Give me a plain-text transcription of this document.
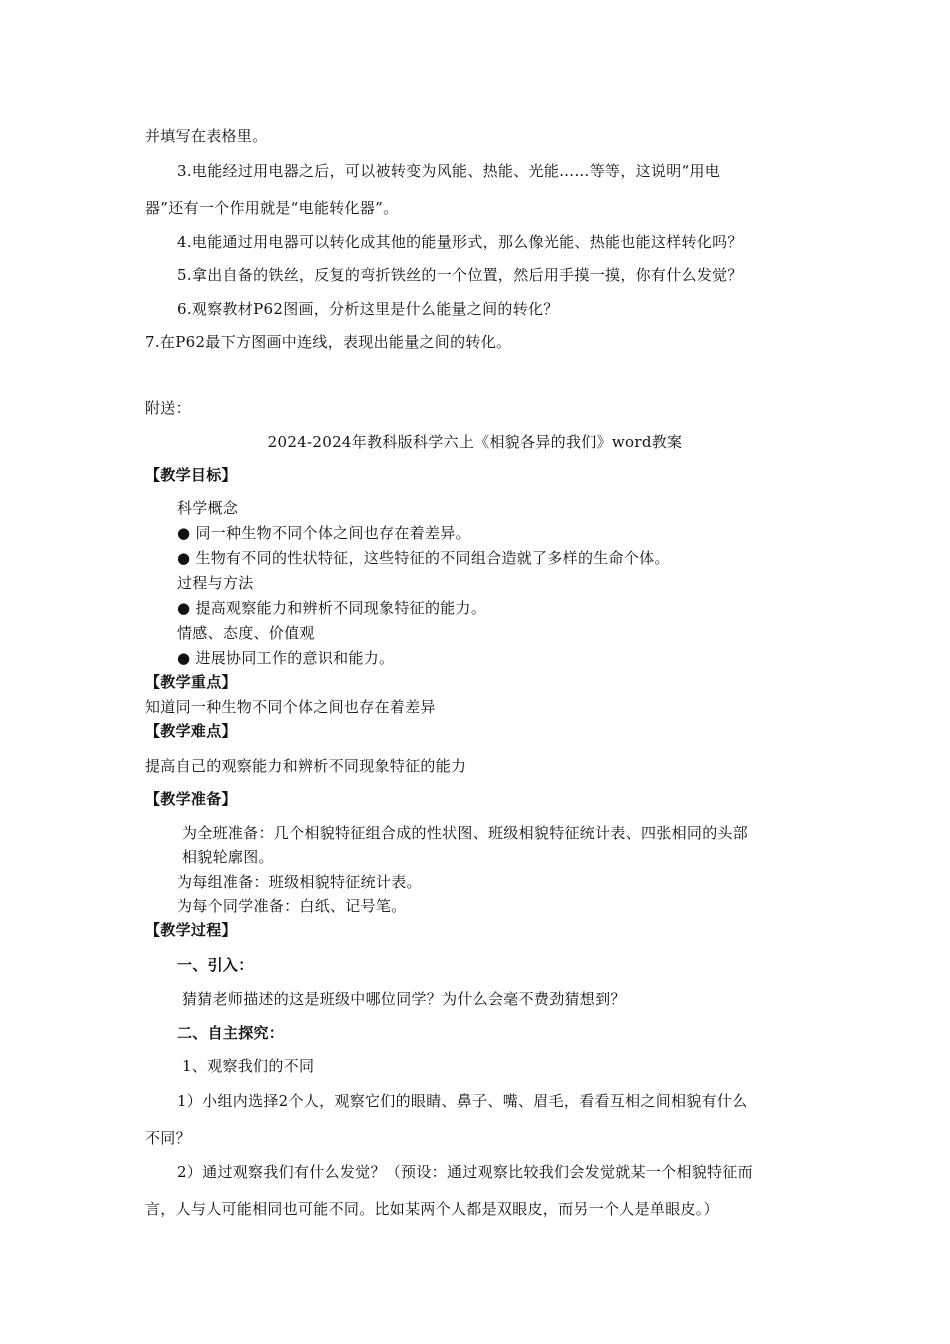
并填写在表格里。
3.电能经过用电器之后，可以被转变为风能、热能、光能……等等，这说明“用电
器”还有一个作用就是“电能转化器”。
4.电能通过用电器可以转化成其他的能量形式，那么像光能、热能也能这样转化吗？
5.拿出自备的铁丝，反复的弯折铁丝的一个位置，然后用手摸一摸，你有什么发觉？
6.观察教材P62图画，分析这里是什么能量之间的转化？
7.在P62最下方图画中连线，表现出能量之间的转化。
附送：
2024-2024年教科版科学六上《相貌各异的我们》word教案
【教学目标】
科学概念
● 同一种生物不同个体之间也存在着差异。
● 生物有不同的性状特征，这些特征的不同组合造就了多样的生命个体。
过程与方法
● 提高观察能力和辨析不同现象特征的能力。
情感、态度、价值观
● 进展协同工作的意识和能力。
【教学重点】
知道同一种生物不同个体之间也存在着差异
【教学难点】
提高自己的观察能力和辨析不同现象特征的能力
【教学准备】
为全班准备：几个相貌特征组合成的性状图、班级相貌特征统计表、四张相同的头部
相貌轮廓图。
为每组准备：班级相貌特征统计表。
为每个同学准备：白纸、记号笔。
【教学过程】
一、引入：
猜猜老师描述的这是班级中哪位同学？为什么会毫不费劲猜想到？
二、自主探究：
1、观察我们的不同
1）小组内选择2个人，观察它们的眼睛、鼻子、嘴、眉毛，看看互相之间相貌有什么
不同？
2）通过观察我们有什么发觉？（预设：通过观察比较我们会发觉就某一个相貌特征而
言，人与人可能相同也可能不同。比如某两个人都是双眼皮，而另一个人是单眼皮。）
